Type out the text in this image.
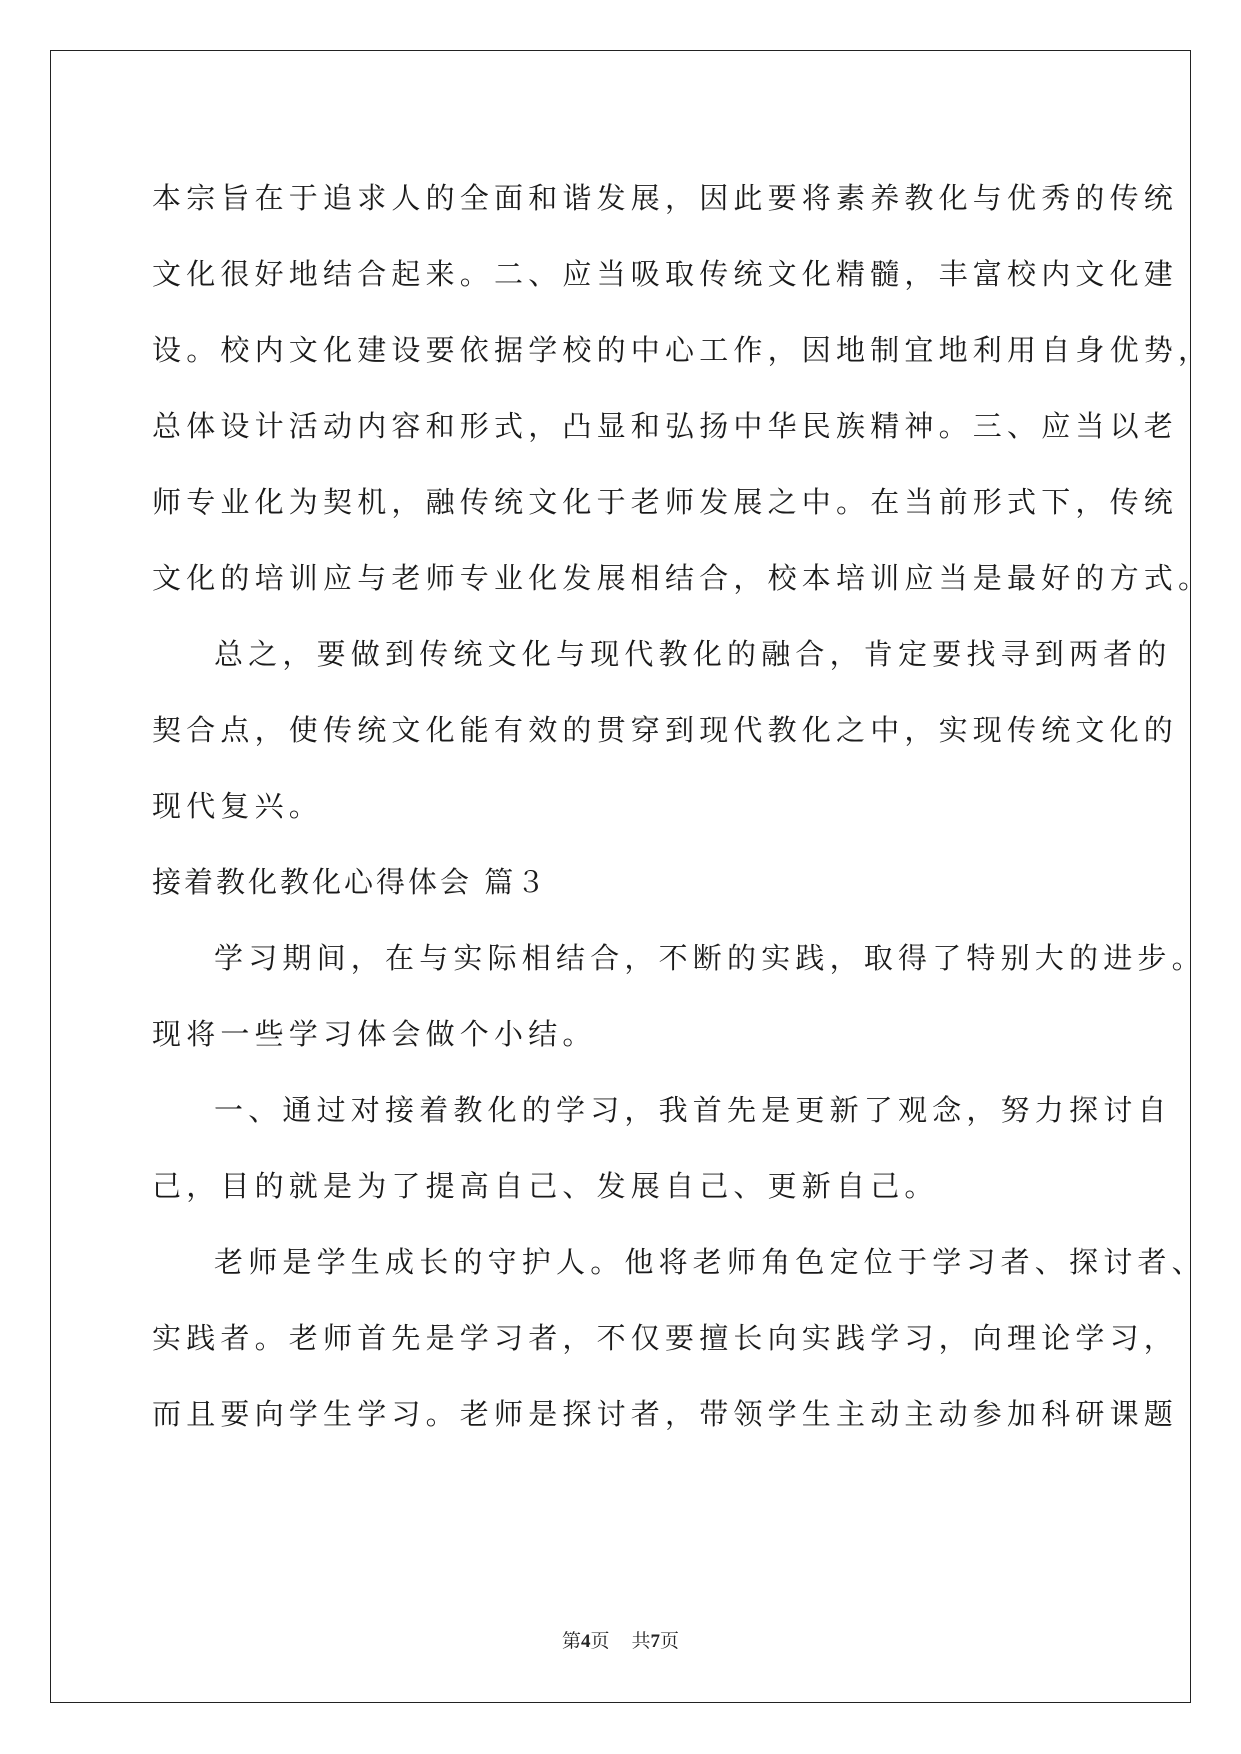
本宗旨在于追求人的全面和谐发展，因此要将素养教化与优秀的传统
文化很好地结合起来。二、应当吸取传统文化精髓，丰富校内文化建
设。校内文化建设要依据学校的中心工作，因地制宜地利用自身优势，
总体设计活动内容和形式，凸显和弘扬中华民族精神。三、应当以老
师专业化为契机，融传统文化于老师发展之中。在当前形式下，传统
文化的培训应与老师专业化发展相结合，校本培训应当是最好的方式。
总之，要做到传统文化与现代教化的融合，肯定要找寻到两者的
契合点，使传统文化能有效的贯穿到现代教化之中，实现传统文化的
现代复兴。
接着教化教化心得体会 篇３
学习期间，在与实际相结合，不断的实践，取得了特别大的进步。
现将一些学习体会做个小结。
一、通过对接着教化的学习，我首先是更新了观念，努力探讨自
己，目的就是为了提高自己、发展自己、更新自己。
老师是学生成长的守护人。他将老师角色定位于学习者、探讨者、
实践者。老师首先是学习者，不仅要擅长向实践学习，向理论学习，
而且要向学生学习。老师是探讨者，带领学生主动主动参加科研课题
第4页 共7页
